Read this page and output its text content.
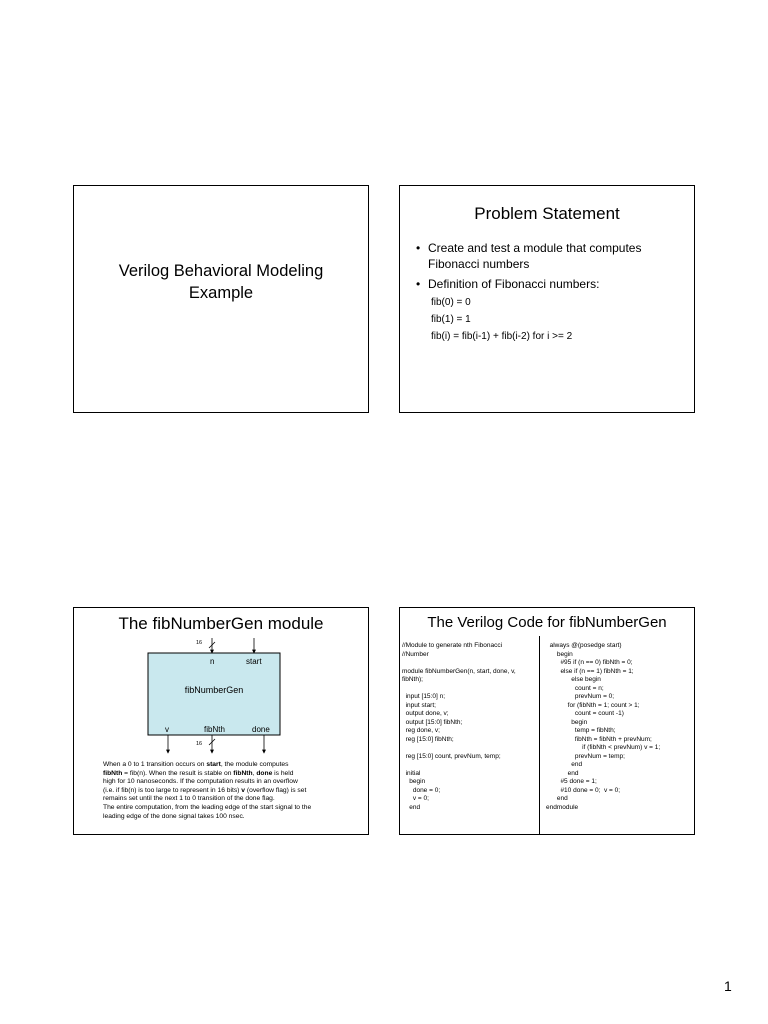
Verilog Behavioral Modeling
Example
Problem Statement
• Create and test a module that computes
Fibonacci numbers
• Definition of Fibonacci numbers:
fib(0) = 0
fib(1) = 1
fib(i) = fib(i-1) + fib(i-2) for i >= 2
The fibNumberGen module
16
n	start
fibNumberGen
v	fibNth	done
16

When a 0 to 1 transition occurs on start, the module computes

fibNth = fib(n). When the result is stable on fibNth, done is held

high for 10 nanoseconds. If the computation results in an overflow

(i.e. if fib(n) is too large to represent in 16 bits) v (overflow flag) is set

remains set until the next 1 to 0 transition of the done flag.

The entire computation, from the leading edge of the start signal to the

leading edge of the done signal takes 100 nsec.

The Verilog Code for fibNumberGen
//Module to generate nth Fibonacci
//Number
module fibNumberGen(n, start, done, v,
fibNth);
input [15:0] n;
input start;
output done, v;
output [15:0] fibNth;
reg done, v;
reg [15:0] fibNth;
reg [15:0] count, prevNum, temp;
initial
begin
done = 0;
v = 0;
end
always @(posedge start)
begin
#95 if (n == 0) fibNth = 0;
else if (n == 1) fibNth = 1;
else begin
count = n;
prevNum = 0;
for (fibNth = 1; count > 1;
count = count -1)
begin
temp = fibNth;
fibNth = fibNth + prevNum;
if (fibNth < prevNum) v = 1;
prevNum = temp;
end
end
#5 done = 1;
#10 done = 0;  v = 0;
end
endmodule
1
